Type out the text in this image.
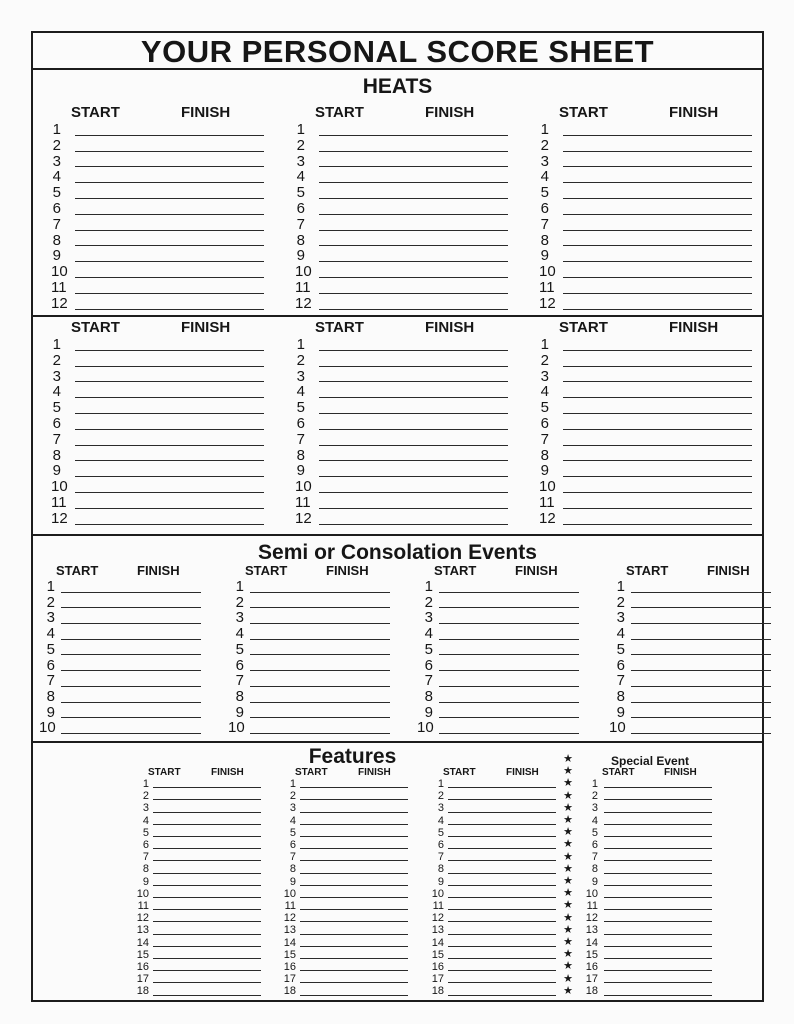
YOUR PERSONAL SCORE SHEET
HEATS
START	FINISH
1
2
3
4
5
6
7
8
9
10
11
12
START	FINISH
1
2
3
4
5
6
7
8
9
10
11
12
START	FINISH
1
2
3
4
5
6
7
8
9
10
11
12
START	FINISH
1
2
3
4
5
6
7
8
9
10
11
12
START	FINISH
1
2
3
4
5
6
7
8
9
10
11
12
START	FINISH
1
2
3
4
5
6
7
8
9
10
11
12
Semi or Consolation Events
START	FINISH
1
2
3
4
5
6
7
8
9
10
START	FINISH
1
2
3
4
5
6
7
8
9
10
START	FINISH
1
2
3
4
5
6
7
8
9
10
START	FINISH
1
2
3
4
5
6
7
8
9
10
Features
START	FINISH
1
2
3
4
5
6
7
8
9
10
11
12
13
14
15
16
17
18
START	FINISH
1
2
3
4
5
6
7
8
9
10
11
12
13
14
15
16
17
18
START	FINISH
1
2
3
4
5
6
7
8
9
10
11
12
13
14
15
16
17
18
Special Event
START	FINISH
1
2
3
4
5
6
7
8
9
10
11
12
13
14
15
16
17
18
★
★
★
★
★
★
★
★
★
★
★
★
★
★
★
★
★
★
★
★
